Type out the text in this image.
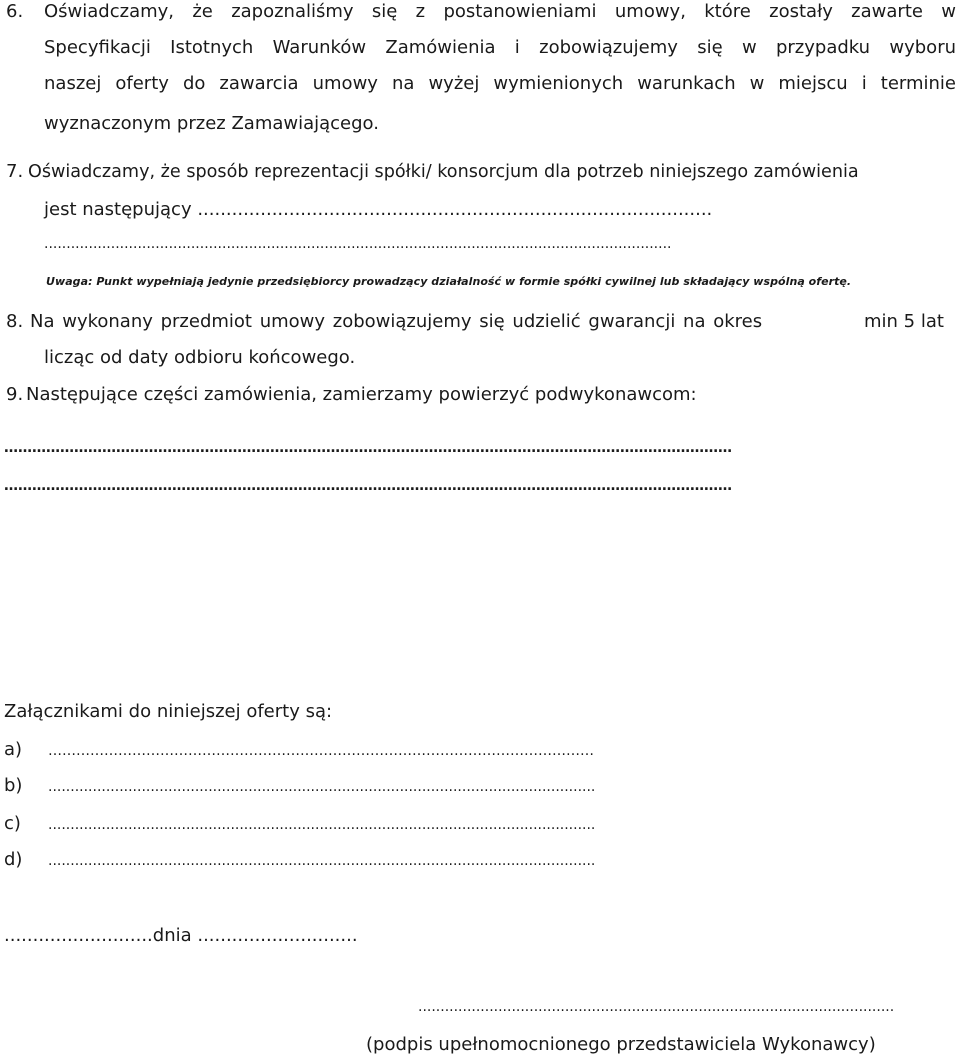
6. Oświadczamy, że zapoznaliśmy się z postanowieniami umowy, które zostały zawarte w
Specyfikacji Istotnych Warunków Zamówienia i zobowiązujemy się w przypadku wyboru
naszej oferty do zawarcia umowy na wyżej wymienionych warunkach w miejscu i terminie
wyznaczonym przez Zamawiającego.
7. Oświadczamy, że sposób reprezentacji spółki/ konsorcjum dla potrzeb niniejszego zamówienia
jest następujący ..........................................................................................
.............................................................................................................................................
Uwaga: Punkt wypełniają jedynie przedsiębiorcy prowadzący działalność w formie spółki cywilnej lub składający wspólną ofertę.
8. Na wykonany przedmiot umowy zobowiązujemy się udzielić gwarancji na okres	min 5 lat
licząc od daty odbioru końcowego.
9. Następujące części zamówienia, zamierzamy powierzyć podwykonawcom:
…………………………………………………………………………………………………………………………………………
…………………………………………………………………………………………………………………………………………
Załącznikami do niniejszej oferty są:
a) ………………………………………………………………………………………………………
b) ...........................................................................................................................
c) ...........................................................................................................................
d) ...........................................................................................................................
..........................dnia ............................
...........................................................................................................
(podpis upełnomocnionego przedstawiciela Wykonawcy)
